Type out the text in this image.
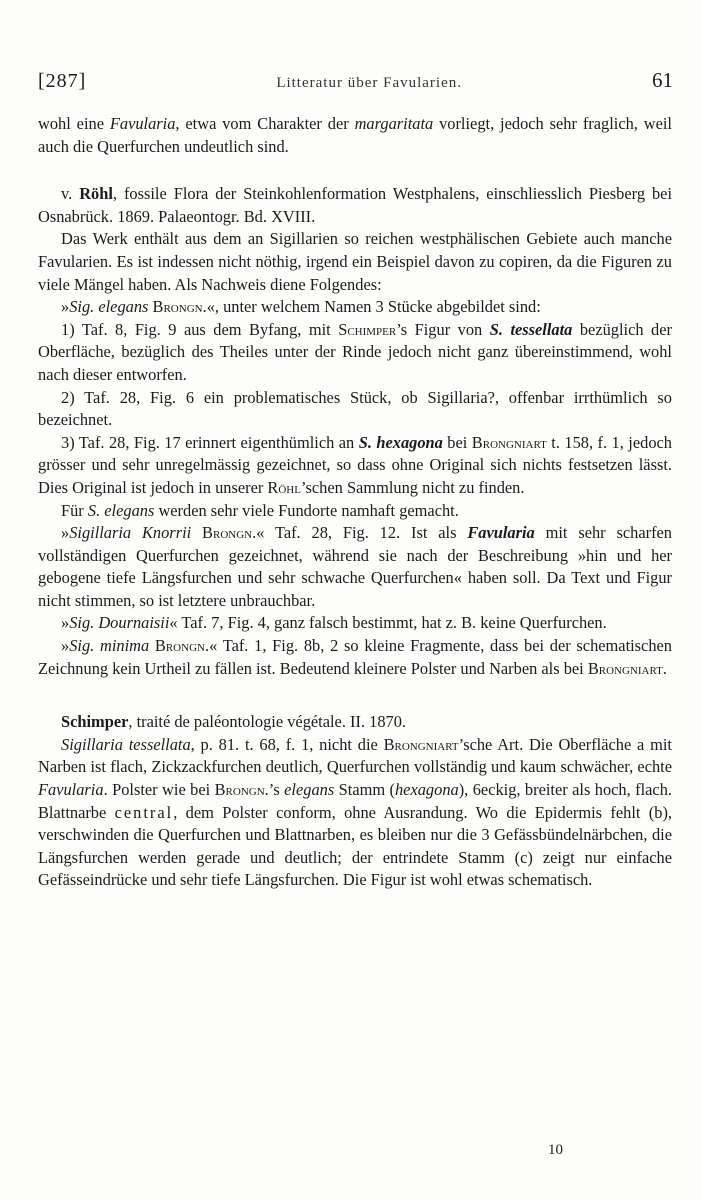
[287]	Litteratur über Favularien.	61

wohl eine Favularia, etwa vom Charakter der margaritata vorliegt, jedoch sehr fraglich, weil auch die Querfurchen undeutlich sind.

v. Röhl, fossile Flora der Steinkohlenformation Westphalens, einschliesslich Piesberg bei Osnabrück. 1869. Palaeontogr. Bd. XVIII.

Das Werk enthält aus dem an Sigillarien so reichen westphälischen Gebiete auch manche Favularien. Es ist indessen nicht nöthig, irgend ein Beispiel davon zu copiren, da die Figuren zu viele Mängel haben. Als Nachweis diene Folgendes:

»Sig. elegans Brongn.«, unter welchem Namen 3 Stücke abgebildet sind:

1) Taf. 8, Fig. 9 aus dem Byfang, mit Schimper’s Figur von S. tessellata bezüglich der Oberfläche, bezüglich des Theiles unter der Rinde jedoch nicht ganz übereinstimmend, wohl nach dieser entworfen.

2) Taf. 28, Fig. 6 ein problematisches Stück, ob Sigillaria?, offenbar irrthümlich so bezeichnet.

3) Taf. 28, Fig. 17 erinnert eigenthümlich an S. hexagona bei Brongniart t. 158, f. 1, jedoch grösser und sehr unregelmässig gezeichnet, so dass ohne Original sich nichts festsetzen lässt. Dies Original ist jedoch in unserer Röhl’schen Sammlung nicht zu finden.

Für S. elegans werden sehr viele Fundorte namhaft gemacht.

»Sigillaria Knorrii Brongn.« Taf. 28, Fig. 12. Ist als Favularia mit sehr scharfen vollständigen Querfurchen gezeichnet, während sie nach der Beschreibung »hin und her gebogene tiefe Längsfurchen und sehr schwache Querfurchen« haben soll. Da Text und Figur nicht stimmen, so ist letztere unbrauchbar.

»Sig. Dournaisii« Taf. 7, Fig. 4, ganz falsch bestimmt, hat z. B. keine Querfurchen.

»Sig. minima Brongn.« Taf. 1, Fig. 8b, 2 so kleine Fragmente, dass bei der schematischen Zeichnung kein Urtheil zu fällen ist. Bedeutend kleinere Polster und Narben als bei Brongniart.

Schimper, traité de paléontologie végétale. II. 1870.

Sigillaria tessellata, p. 81. t. 68, f. 1, nicht die Brongniart’sche Art. Die Oberfläche a mit Narben ist flach, Zickzackfurchen deutlich, Querfurchen vollständig und kaum schwächer, echte Favularia. Polster wie bei Brongn.’s elegans Stamm (hexagona), 6eckig, breiter als hoch, flach. Blattnarbe central, dem Polster conform, ohne Ausrandung. Wo die Epidermis fehlt (b), verschwinden die Querfurchen und Blattnarben, es bleiben nur die 3 Gefässbündelnärbchen, die Längsfurchen werden gerade und deutlich; der entrindete Stamm (c) zeigt nur einfache Gefässeindrücke und sehr tiefe Längsfurchen. Die Figur ist wohl etwas schematisch.

10
